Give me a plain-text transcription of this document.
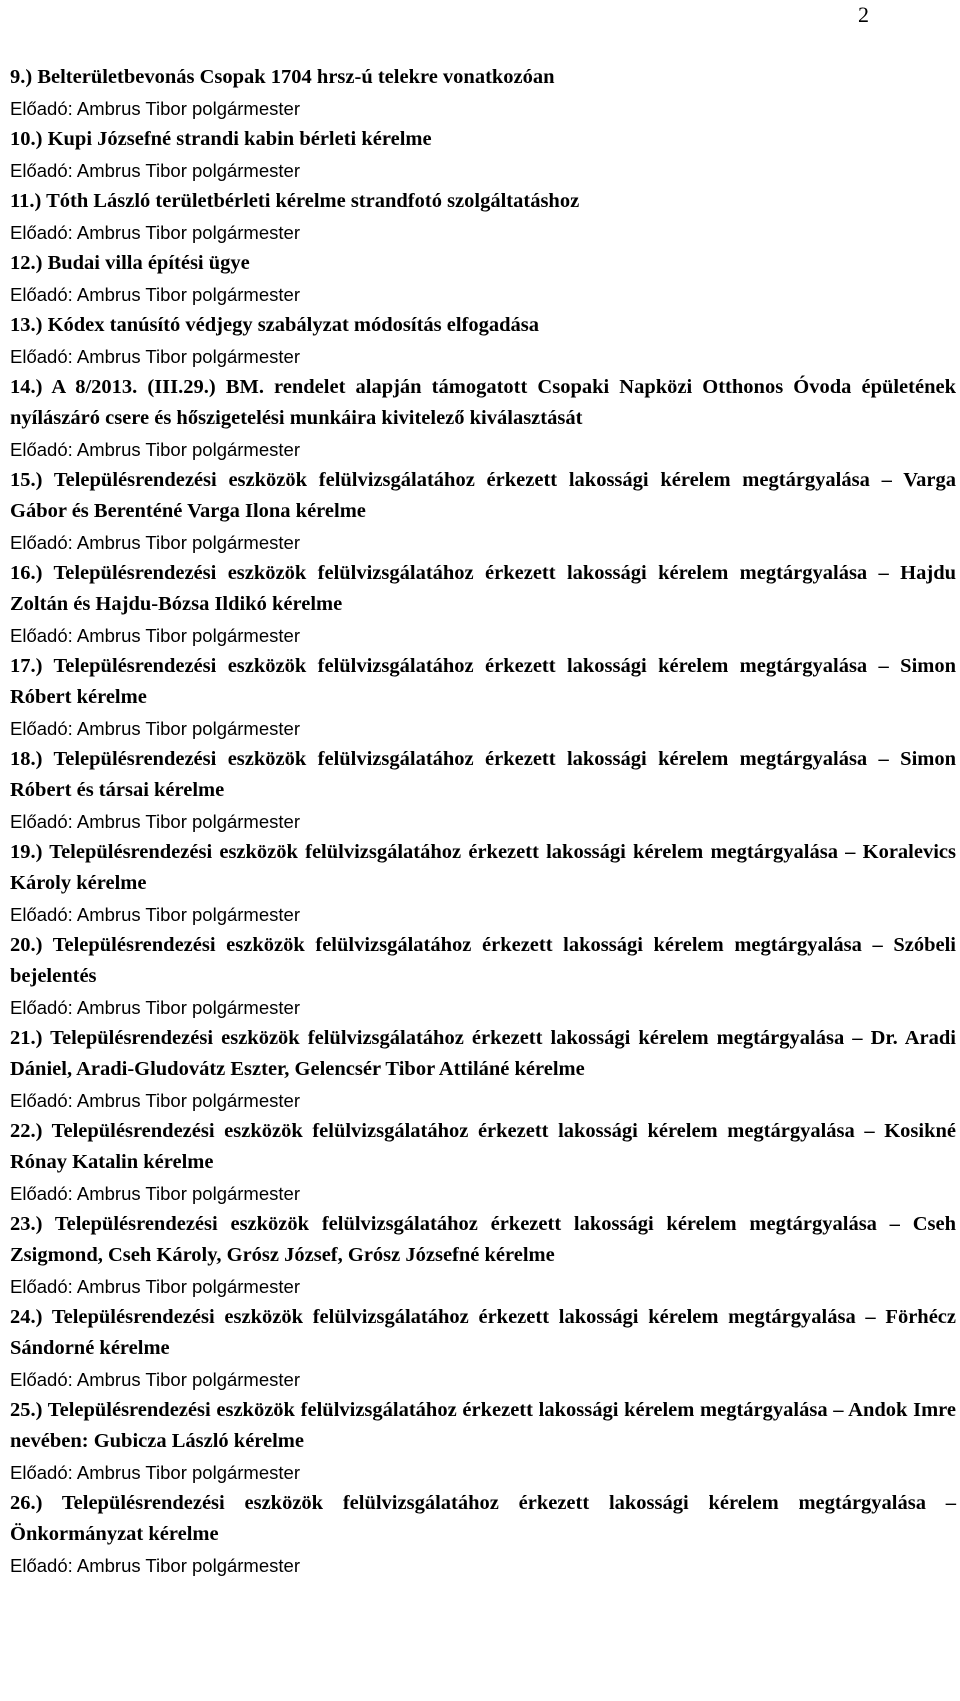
2

9.) Belterületbevonás Csopak 1704 hrsz-ú telekre vonatkozóan

Előadó: Ambrus Tibor polgármester

10.) Kupi Józsefné strandi kabin bérleti kérelme

Előadó: Ambrus Tibor polgármester

11.) Tóth László területbérleti kérelme strandfotó szolgáltatáshoz

Előadó: Ambrus Tibor polgármester

12.) Budai villa építési ügye

Előadó: Ambrus Tibor polgármester

13.) Kódex tanúsító védjegy szabályzat módosítás elfogadása

Előadó: Ambrus Tibor polgármester

14.) A 8/2013. (III.29.) BM. rendelet alapján támogatott Csopaki Napközi Otthonos Óvoda épületének nyílászáró csere és hőszigetelési munkáira kivitelező kiválasztását

Előadó: Ambrus Tibor polgármester

15.) Településrendezési eszközök felülvizsgálatához érkezett lakossági kérelem megtárgyalása – Varga Gábor és Berenténé Varga Ilona kérelme

Előadó: Ambrus Tibor polgármester

16.) Településrendezési eszközök felülvizsgálatához érkezett lakossági kérelem megtárgyalása – Hajdu Zoltán és Hajdu-Bózsa Ildikó kérelme

Előadó: Ambrus Tibor polgármester

17.) Településrendezési eszközök felülvizsgálatához érkezett lakossági kérelem megtárgyalása – Simon Róbert kérelme

Előadó: Ambrus Tibor polgármester

18.) Településrendezési eszközök felülvizsgálatához érkezett lakossági kérelem megtárgyalása – Simon Róbert és társai kérelme

Előadó: Ambrus Tibor polgármester

19.) Településrendezési eszközök felülvizsgálatához érkezett lakossági kérelem megtárgyalása – Koralevics Károly kérelme

Előadó: Ambrus Tibor polgármester

20.) Településrendezési eszközök felülvizsgálatához érkezett lakossági kérelem megtárgyalása – Szóbeli bejelentés

Előadó: Ambrus Tibor polgármester

21.) Településrendezési eszközök felülvizsgálatához érkezett lakossági kérelem megtárgyalása – Dr. Aradi Dániel, Aradi-Gludovátz Eszter, Gelencsér Tibor Attiláné kérelme

Előadó: Ambrus Tibor polgármester

22.) Településrendezési eszközök felülvizsgálatához érkezett lakossági kérelem megtárgyalása – Kosikné Rónay Katalin kérelme

Előadó: Ambrus Tibor polgármester

23.) Településrendezési eszközök felülvizsgálatához érkezett lakossági kérelem megtárgyalása – Cseh Zsigmond, Cseh Károly, Grósz József, Grósz Józsefné kérelme

Előadó: Ambrus Tibor polgármester

24.) Településrendezési eszközök felülvizsgálatához érkezett lakossági kérelem megtárgyalása – Förhécz Sándorné kérelme

Előadó: Ambrus Tibor polgármester

25.) Településrendezési eszközök felülvizsgálatához érkezett lakossági kérelem megtárgyalása – Andok Imre nevében: Gubicza László kérelme

Előadó: Ambrus Tibor polgármester

26.) Településrendezési eszközök felülvizsgálatához érkezett lakossági kérelem megtárgyalása – Önkormányzat kérelme

Előadó: Ambrus Tibor polgármester
